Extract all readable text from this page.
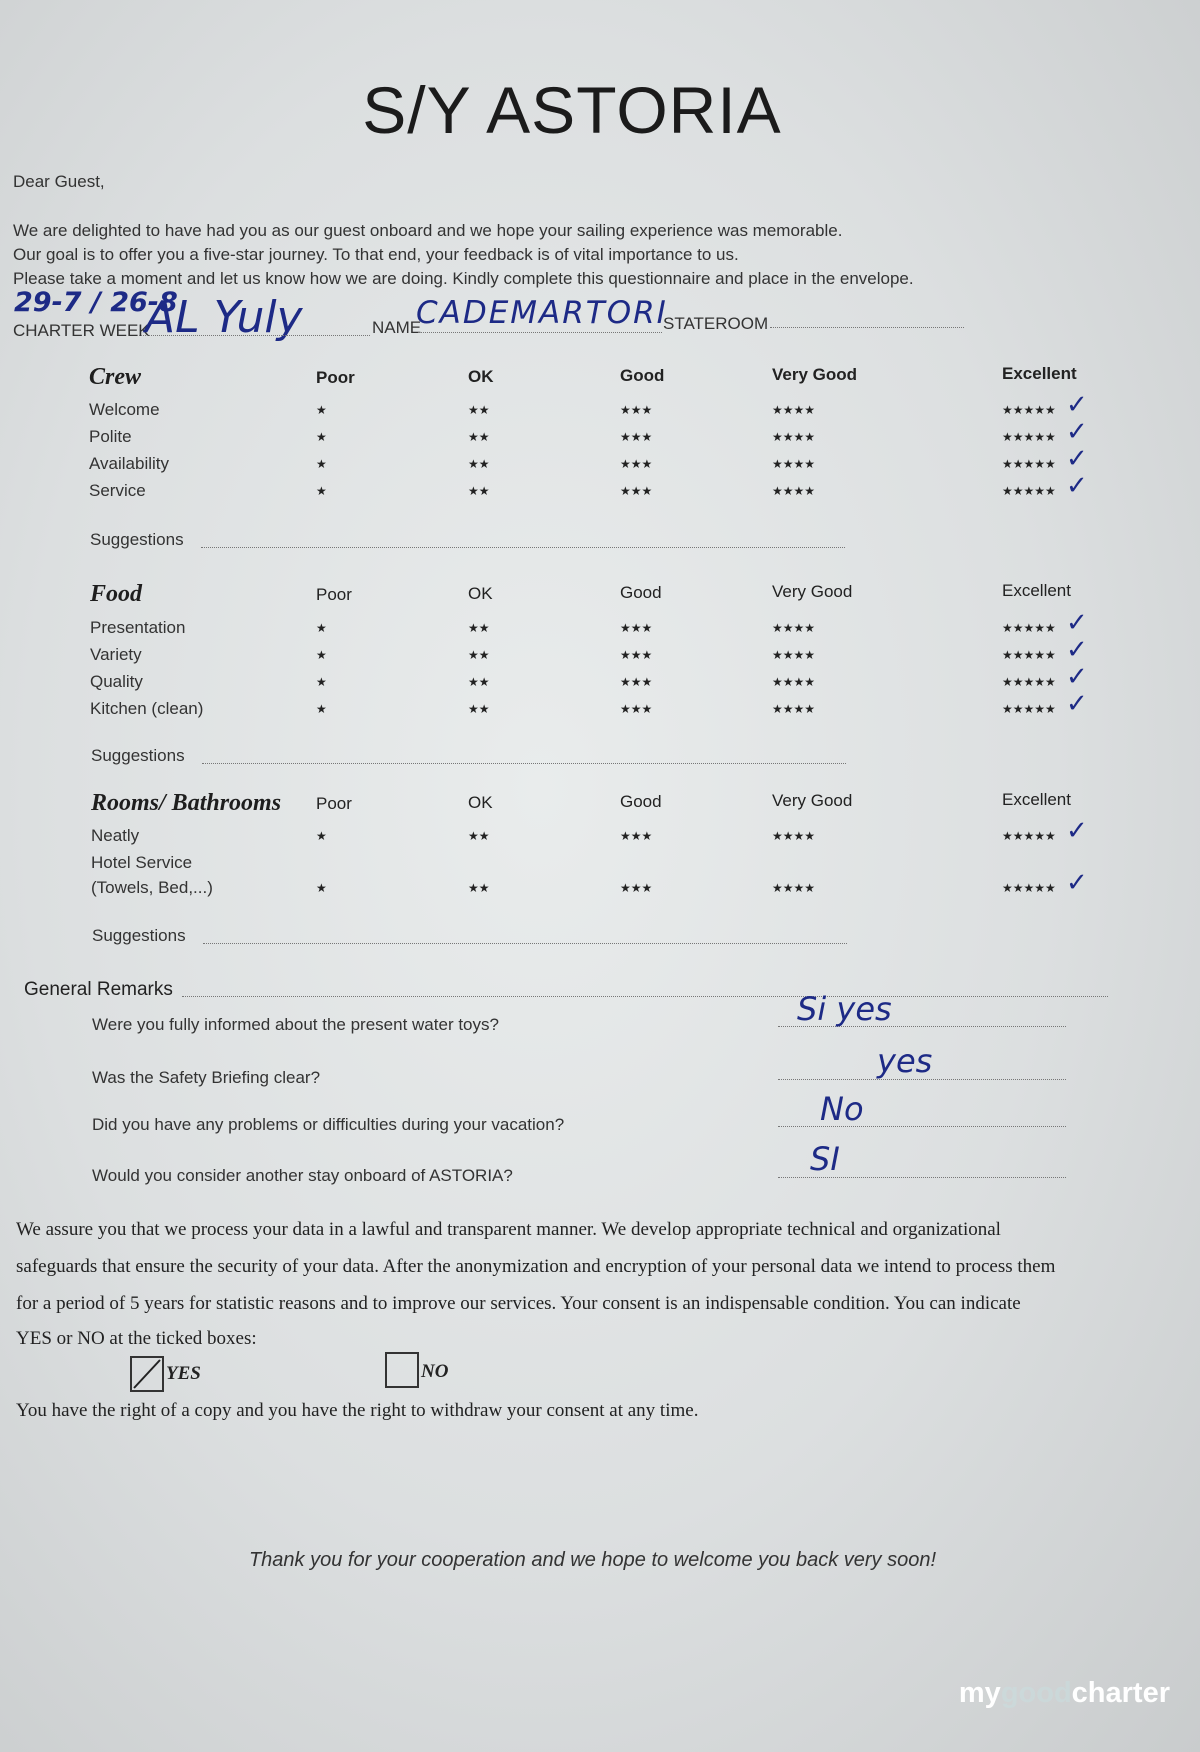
S/Y ASTORIA
Dear Guest,
We are delighted to have had you as our guest onboard and we hope your sailing experience was memorable.
Our goal is to offer you a five-star journey. To that end, your feedback is of vital importance to us.
Please take a moment and let us know how we are doing. Kindly complete this questionnaire and place in the envelope.
29-7 / 26-8
CHARTER WEEK
AL Yuly	NAME
CADEMARTORI
STATEROOM
Crew	Poor	OK	Good	Very Good	Excellent
Welcome	★	★★	★★★	★★★★	★★★★★ ✓
Polite	★	★★	★★★	★★★★	★★★★★ ✓
Availability	★	★★	★★★	★★★★	★★★★★ ✓
Service	★	★★	★★★	★★★★	★★★★★ ✓
Suggestions
Food	Poor	OK	Good	Very Good	Excellent
Presentation	★	★★	★★★	★★★★	★★★★★ ✓
Variety	★	★★	★★★	★★★★	★★★★★ ✓
Quality	★	★★	★★★	★★★★	★★★★★ ✓
Kitchen (clean)	★	★★	★★★	★★★★	★★★★★ ✓
Suggestions
Rooms/ Bathrooms Poor	OK	Good	Very Good	Excellent
Neatly	★	★★	★★★	★★★★	★★★★★ ✓
Hotel Service
(Towels, Bed,...)	★	★★	★★★	★★★★	★★★★★ ✓
Suggestions
General Remarks
Were you fully informed about the present water toys?	Si yes
Was the Safety Briefing clear?	yes
Did you have any problems or difficulties during your vacation?	No
Would you consider another stay onboard of ASTORIA?	SI
We assure you that we process your data in a lawful and transparent manner. We develop appropriate technical and organizational
safeguards that ensure the security of your data. After the anonymization and encryption of your personal data we intend to process them
for a period of 5 years for statistic reasons and to improve our services. Your consent is an indispensable condition. You can indicate
YES or NO at the ticked boxes:
YES	NO
You have the right of a copy and you have the right to withdraw your consent at any time.
Thank you for your cooperation and we hope to welcome you back very soon!
mygoodcharter
